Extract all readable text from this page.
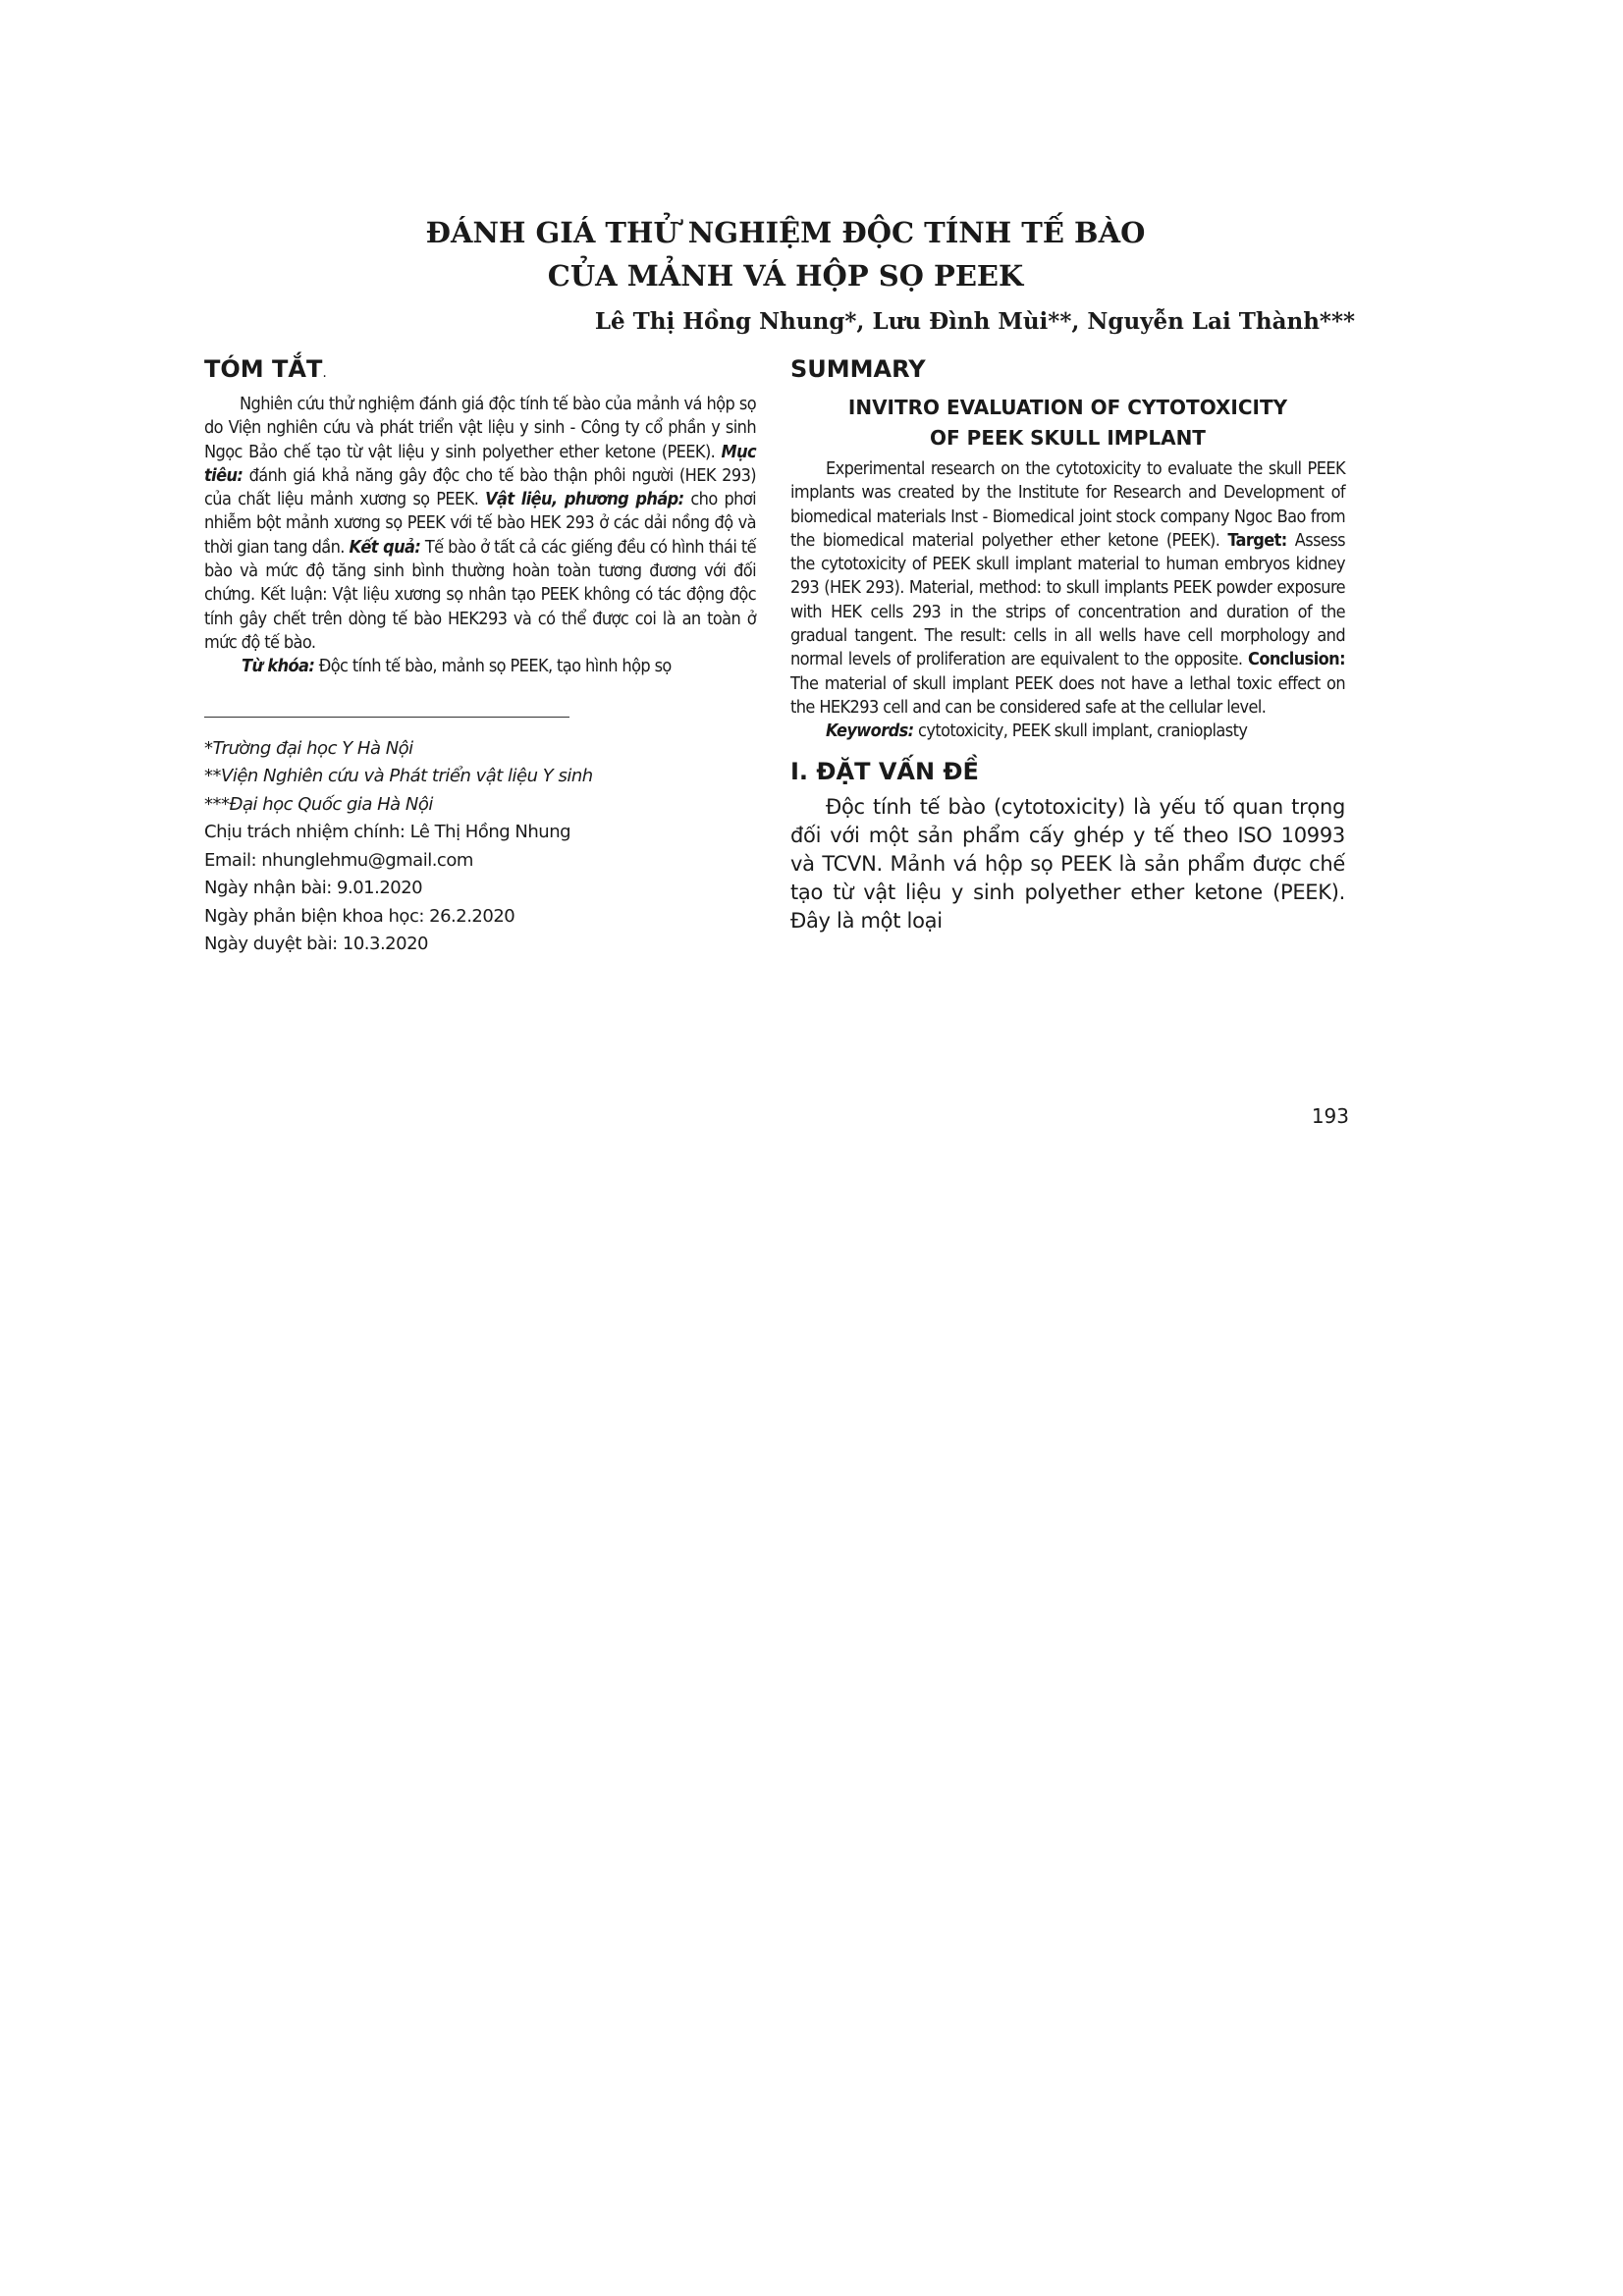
ĐÁNH GIÁ THỬ NGHIỆM ĐỘC TÍNH TẾ BÀO
CỦA MẢNH VÁ HỘP SỌ PEEK

Lê Thị Hồng Nhung*, Lưu Đình Mùi**, Nguyễn Lai Thành***

TÓM TẮT.

Nghiên cứu thử nghiệm đánh giá độc tính tế bào của mảnh vá hộp sọ do Viện nghiên cứu và phát triển vật liệu y sinh - Công ty cổ phần y sinh Ngọc Bảo chế tạo từ vật liệu y sinh polyether ether ketone (PEEK). Mục tiêu: đánh giá khả năng gây độc cho tế bào thận phôi người (HEK 293) của chất liệu mảnh xương sọ PEEK. Vật liệu, phương pháp: cho phơi nhiễm bột mảnh xương sọ PEEK với tế bào HEK 293 ở các dải nồng độ và thời gian tang dần. Kết quả: Tế bào ở tất cả các giếng đều có hình thái tế bào và mức độ tăng sinh bình thường hoàn toàn tương đương với đối chứng. Kết luận: Vật liệu xương sọ nhân tạo PEEK không có tác động độc tính gây chết trên dòng tế bào HEK293 và có thể được coi là an toàn ở mức độ tế bào.

Từ khóa: Độc tính tế bào, mảnh sọ PEEK, tạo hình hộp sọ

*Trường đại học Y Hà Nội

**Viện Nghiên cứu và Phát triển vật liệu Y sinh

***Đại học Quốc gia Hà Nội

Chịu trách nhiệm chính: Lê Thị Hồng Nhung

Email: nhunglehmu@gmail.com

Ngày nhận bài: 9.01.2020

Ngày phản biện khoa học: 26.2.2020

Ngày duyệt bài: 10.3.2020

SUMMARY

INVITRO EVALUATION OF CYTOTOXICITY
OF PEEK SKULL IMPLANT

Experimental research on the cytotoxicity to evaluate the skull PEEK implants was created by the Institute for Research and Development of biomedical materials Inst - Biomedical joint stock company Ngoc Bao from the biomedical material polyether ether ketone (PEEK). Target: Assess the cytotoxicity of PEEK skull implant material to human embryos kidney 293 (HEK 293). Material, method: to skull implants PEEK powder exposure with HEK cells 293 in the strips of concentration and duration of the gradual tangent. The result: cells in all wells have cell morphology and normal levels of proliferation are equivalent to the opposite. Conclusion: The material of skull implant PEEK does not have a lethal toxic effect on the HEK293 cell and can be considered safe at the cellular level.

Keywords: cytotoxicity, PEEK skull implant, cranioplasty

I. ĐẶT VẤN ĐỀ

Độc tính tế bào (cytotoxicity) là yếu tố quan trọng đối với một sản phẩm cấy ghép y tế theo ISO 10993 và TCVN. Mảnh vá hộp sọ PEEK là sản phẩm được chế tạo từ vật liệu y sinh polyether ether ketone (PEEK). Đây là một loại

193
